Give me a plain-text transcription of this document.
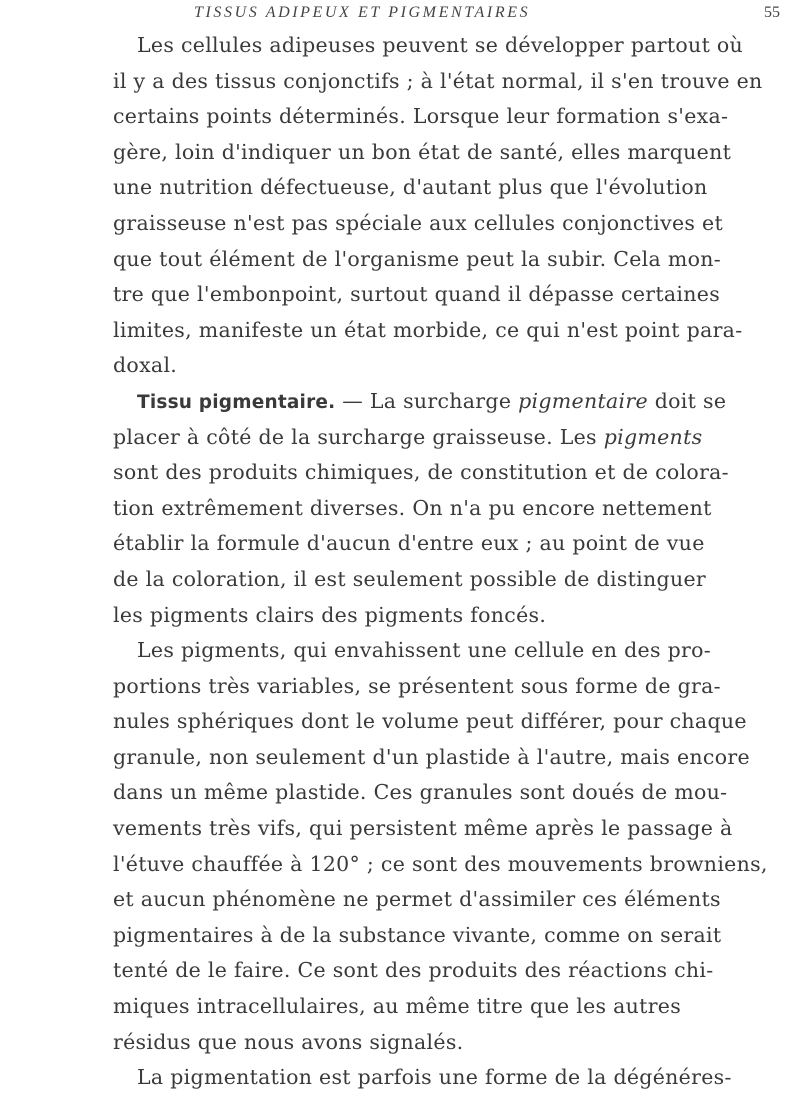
TISSUS ADIPEUX ET PIGMENTAIRES	55
Les cellules adipeuses peuvent se développer partout où
il y a des tissus conjonctifs ; à l'état normal, il s'en trouve en
certains points déterminés. Lorsque leur formation s'exa-
gère, loin d'indiquer un bon état de santé, elles marquent
une nutrition défectueuse, d'autant plus que l'évolution
graisseuse n'est pas spéciale aux cellules conjonctives et
que tout élément de l'organisme peut la subir. Cela mon-
tre que l'embonpoint, surtout quand il dépasse certaines
limites, manifeste un état morbide, ce qui n'est point para-
doxal.
Tissu pigmentaire. — La surcharge pigmentaire doit se
placer à côté de la surcharge graisseuse. Les pigments
sont des produits chimiques, de constitution et de colora-
tion extrêmement diverses. On n'a pu encore nettement
établir la formule d'aucun d'entre eux ; au point de vue
de la coloration, il est seulement possible de distinguer
les pigments clairs des pigments foncés.
Les pigments, qui envahissent une cellule en des pro-
portions très variables, se présentent sous forme de gra-
nules sphériques dont le volume peut différer, pour chaque
granule, non seulement d'un plastide à l'autre, mais encore
dans un même plastide. Ces granules sont doués de mou-
vements très vifs, qui persistent même après le passage à
l'étuve chauffée à 120° ; ce sont des mouvements browniens,
et aucun phénomène ne permet d'assimiler ces éléments
pigmentaires à de la substance vivante, comme on serait
tenté de le faire. Ce sont des produits des réactions chi-
miques intracellulaires, au même titre que les autres
résidus que nous avons signalés.
La pigmentation est parfois une forme de la dégénéres-
